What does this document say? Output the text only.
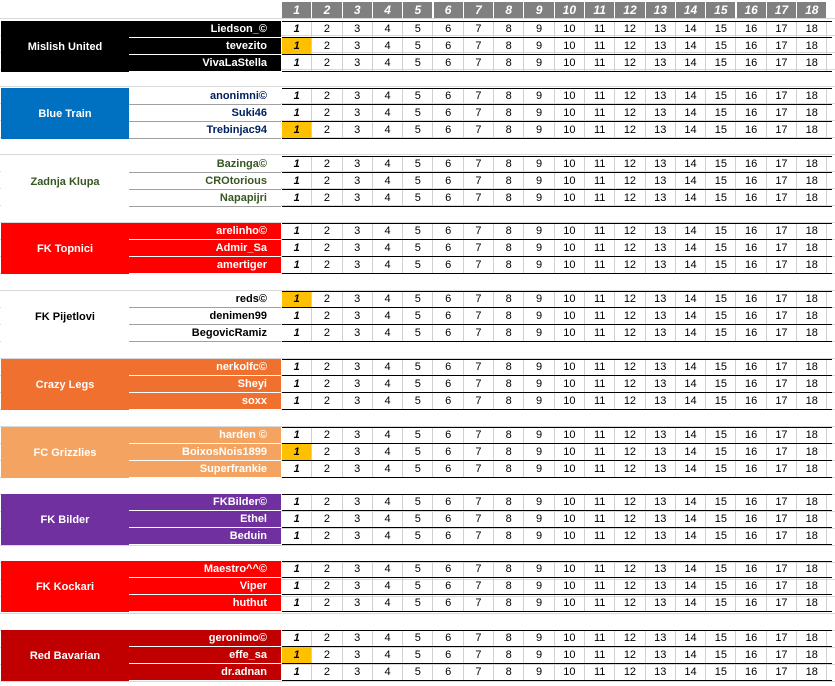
1	2	3	4	5	6	7	8	9	10	11	12	13	14	15	16	17	18
Mislish United
Liedson_©	1	2	3	4	5	6	7	8	9	10	11	12	13	14	15	16	17	18
tevezito	1	2	3	4	5	6	7	8	9	10	11	12	13	14	15	16	17	18
VivaLaStella	1	2	3	4	5	6	7	8	9	10	11	12	13	14	15	16	17	18
Blue Train
anonimni©	1	2	3	4	5	6	7	8	9	10	11	12	13	14	15	16	17	18
Suki46	1	2	3	4	5	6	7	8	9	10	11	12	13	14	15	16	17	18
Trebinjac94	1	2	3	4	5	6	7	8	9	10	11	12	13	14	15	16	17	18
Zadnja Klupa
Bazinga©	1	2	3	4	5	6	7	8	9	10	11	12	13	14	15	16	17	18
CROtorious	1	2	3	4	5	6	7	8	9	10	11	12	13	14	15	16	17	18
Napapijri	1	2	3	4	5	6	7	8	9	10	11	12	13	14	15	16	17	18
FK Topnici
arelinho©	1	2	3	4	5	6	7	8	9	10	11	12	13	14	15	16	17	18
Admir_Sa	1	2	3	4	5	6	7	8	9	10	11	12	13	14	15	16	17	18
amertiger	1	2	3	4	5	6	7	8	9	10	11	12	13	14	15	16	17	18
FK Pijetlovi
reds©	1	2	3	4	5	6	7	8	9	10	11	12	13	14	15	16	17	18
denimen99	1	2	3	4	5	6	7	8	9	10	11	12	13	14	15	16	17	18
BegovicRamiz	1	2	3	4	5	6	7	8	9	10	11	12	13	14	15	16	17	18
Crazy Legs
nerkolfc©	1	2	3	4	5	6	7	8	9	10	11	12	13	14	15	16	17	18
Sheyi	1	2	3	4	5	6	7	8	9	10	11	12	13	14	15	16	17	18
soxx	1	2	3	4	5	6	7	8	9	10	11	12	13	14	15	16	17	18
FC Grizzlies
harden ©	1	2	3	4	5	6	7	8	9	10	11	12	13	14	15	16	17	18
BoixosNois1899	1	2	3	4	5	6	7	8	9	10	11	12	13	14	15	16	17	18
Superfrankie	1	2	3	4	5	6	7	8	9	10	11	12	13	14	15	16	17	18
FK Bilder
FKBilder©	1	2	3	4	5	6	7	8	9	10	11	12	13	14	15	16	17	18
Ethel	1	2	3	4	5	6	7	8	9	10	11	12	13	14	15	16	17	18
Beduin	1	2	3	4	5	6	7	8	9	10	11	12	13	14	15	16	17	18
FK Kockari
Maestro^^©	1	2	3	4	5	6	7	8	9	10	11	12	13	14	15	16	17	18
Viper	1	2	3	4	5	6	7	8	9	10	11	12	13	14	15	16	17	18
huthut	1	2	3	4	5	6	7	8	9	10	11	12	13	14	15	16	17	18
Red Bavarian
geronimo©	1	2	3	4	5	6	7	8	9	10	11	12	13	14	15	16	17	18
effe_sa	1	2	3	4	5	6	7	8	9	10	11	12	13	14	15	16	17	18
dr.adnan	1	2	3	4	5	6	7	8	9	10	11	12	13	14	15	16	17	18
